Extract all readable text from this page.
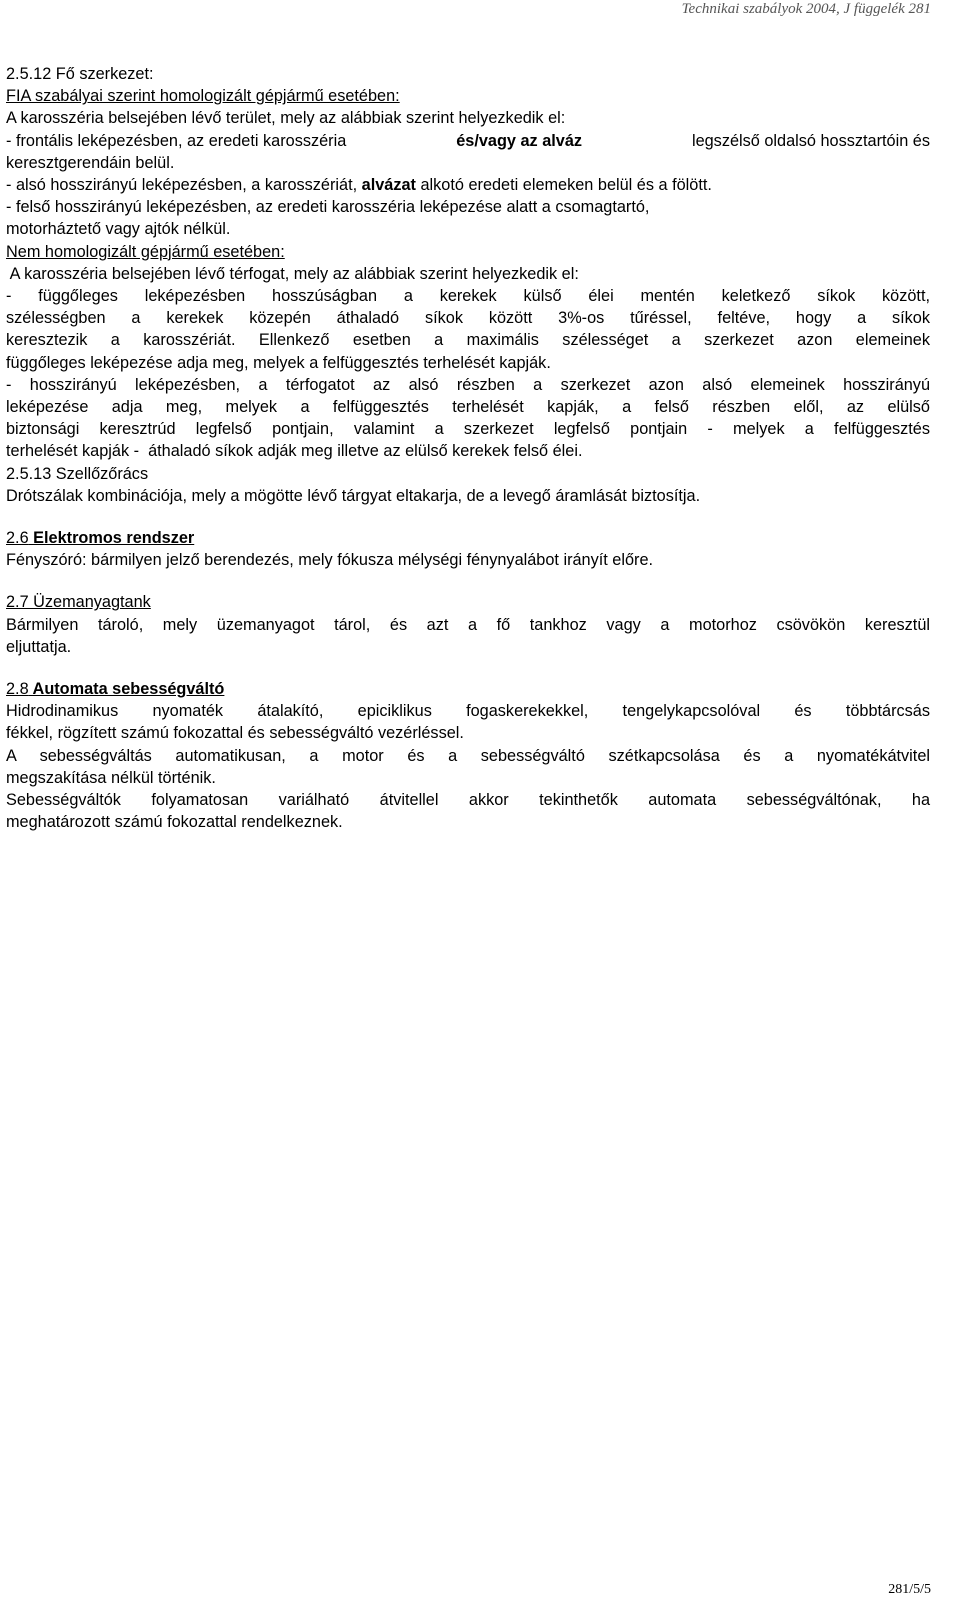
Technikai szabályok 2004, J függelék 281
2.5.12 Fő szerkezet:
FIA szabályai szerint homologizált gépjármű esetében:
A karosszéria belsejében lévő terület, mely az alábbiak szerint helyezkedik el:
- frontális leképezésben, az eredeti karosszéria	és/vagy az alváz	legszélső oldalsó hossztartóin és
keresztgerendáin belül.
- alsó hosszirányú leképezésben, a karosszériát, alvázat alkotó eredeti elemeken belül és a fölött.
- felső hosszirányú leképezésben, az eredeti karosszéria leképezése alatt a csomagtartó,
motorháztető vagy ajtók nélkül.
Nem homologizált gépjármű esetében:
A karosszéria belsejében lévő térfogat, mely az alábbiak szerint helyezkedik el:
- függőleges leképezésben hosszúságban a kerekek külső élei mentén keletkező síkok között,
szélességben a kerekek közepén áthaladó síkok között 3%-os tűréssel, feltéve, hogy a síkok
keresztezik a karosszériát. Ellenkező esetben a maximális szélességet a szerkezet azon elemeinek
függőleges leképezése adja meg, melyek a felfüggesztés terhelését kapják.
- hosszirányú leképezésben, a térfogatot az alsó részben a szerkezet azon alsó elemeinek hosszirányú
leképezése adja meg, melyek a felfüggesztés terhelését kapják, a felső részben elől, az elülső
biztonsági keresztrúd legfelső pontjain, valamint a szerkezet legfelső pontjain - melyek a felfüggesztés
terhelését kapják -  áthaladó síkok adják meg illetve az elülső kerekek felső élei.
2.5.13 Szellőzőrács
Drótszálak kombinációja, mely a mögötte lévő tárgyat eltakarja, de a levegő áramlását biztosítja.
2.6 Elektromos rendszer
Fényszóró: bármilyen jelző berendezés, mely fókusza mélységi fénynyalábot irányít előre.
2.7 Üzemanyagtank
Bármilyen tároló, mely üzemanyagot tárol, és azt a fő tankhoz vagy a motorhoz csövökön keresztül
eljuttatja.
2.8 Automata sebességváltó
Hidrodinamikus nyomaték átalakító, epiciklikus fogaskerekekkel, tengelykapcsolóval és többtárcsás
fékkel, rögzített számú fokozattal és sebességváltó vezérléssel.
A sebességváltás automatikusan, a motor és a sebességváltó szétkapcsolása és a nyomatékátvitel
megszakítása nélkül történik.
Sebességváltók folyamatosan variálható átvitellel akkor tekinthetők automata sebességváltónak, ha
meghatározott számú fokozattal rendelkeznek.
281/5/5
